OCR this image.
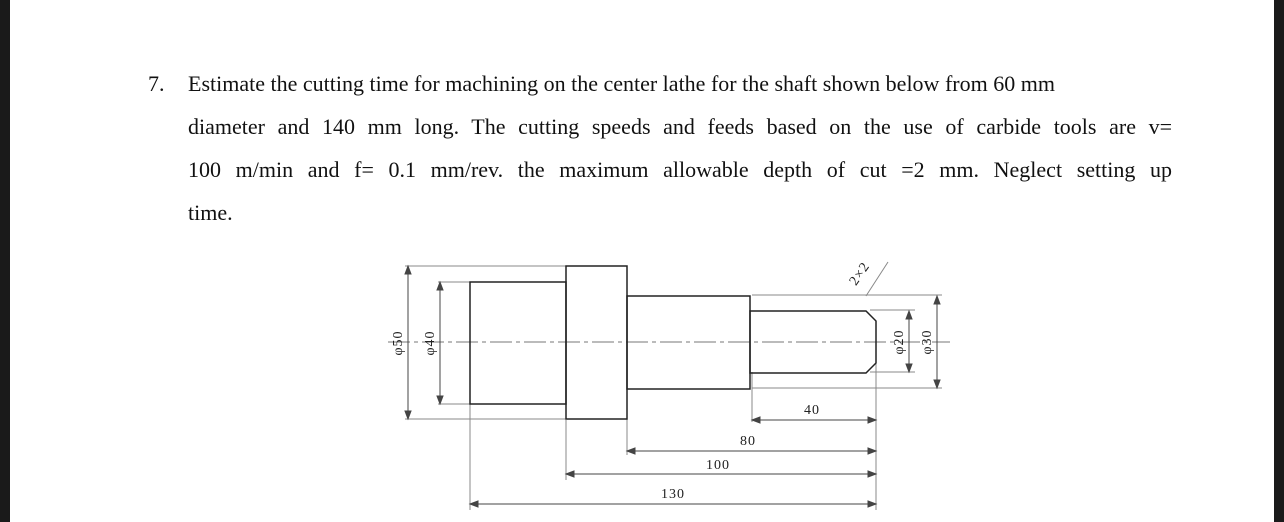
7. Estimate the cutting time for machining on the center lathe for the shaft shown below from 60 mm
diameter and 140 mm long. The cutting speeds and feeds based on the use of carbide tools are v=
100 m/min and f= 0.1 mm/rev. the maximum allowable depth of cut =2 mm. Neglect setting up
time.
φ50 φ40	φ20 φ30
2×2
40
80
100
130
